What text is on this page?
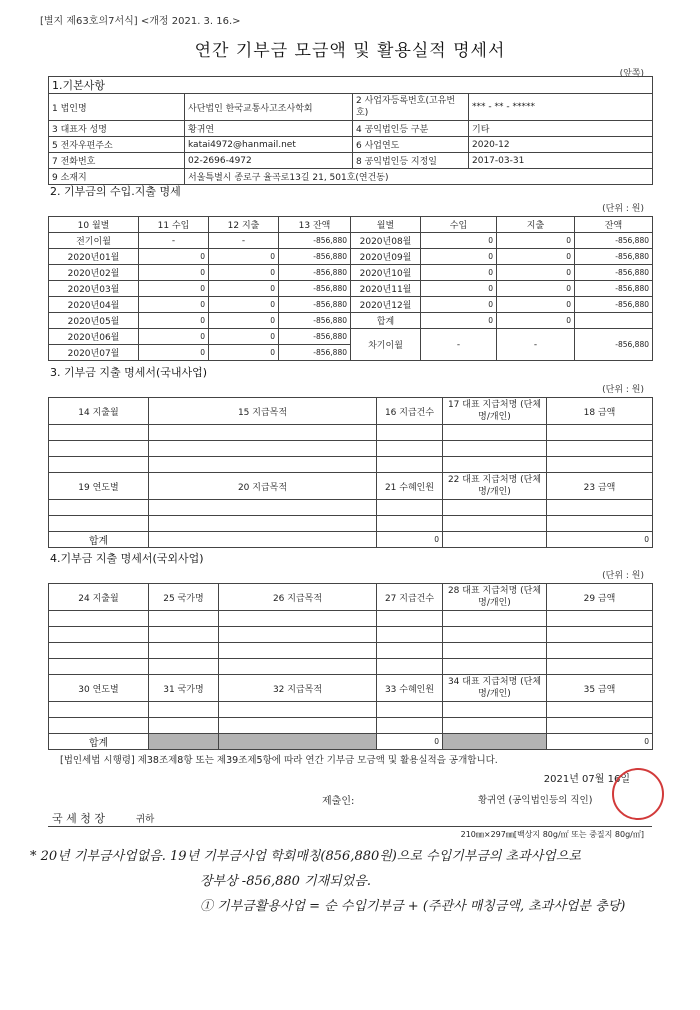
[별지 제63호의7서식] <개정 2021. 3. 16.>
연간 기부금 모금액 및 활용실적 명세서
(앞쪽)
1.기본사항			
1 법인명	사단법인 한국교통사고조사학회	2 사업자등록번호(고유번호)	*** - ** - *****
3 대표자 성명	황귀연	4 공익법인등 구분	기타
5 전자우편주소	katai4972@hanmail.net	6 사업연도	2020-12
7 전화번호	02-2696-4972	8 공익법인등 지정일	2017-03-31
9 소재지	서울특별시 종로구 율곡로13길 21, 501호(연건동)		
2. 기부금의 수입.지출 명세
(단위 : 원)
10 월별	11 수입	12 지출	13 잔액	월별	수입	지출	잔액
전기이월	-	-	-856,880	2020년08월	0	0	-856,880
2020년01월	0	0	-856,880	2020년09월	0	0	-856,880
2020년02월	0	0	-856,880	2020년10월	0	0	-856,880
2020년03월	0	0	-856,880	2020년11월	0	0	-856,880
2020년04월	0	0	-856,880	2020년12월	0	0	-856,880
2020년05월	0	0	-856,880	합계	0	0	
2020년06월	0	0	-856,880	차기이월	-	-	-856,880
2020년07월	0	0	-856,880				
3. 기부금 지출 명세서(국내사업)
(단위 : 원)
14 지출월	15 지급목적	16 지급건수	17 대표 지급처명 (단체명/개인)	18 금액

19 연도별	20 지급목적	21 수혜인원	22 대표 지급처명 (단체명/개인)	23 금액

합계		0		0
4.기부금 지출 명세서(국외사업)
(단위 : 원)
24 지출월	25 국가명	26 지급목적	27 지급건수	28 대표 지급처명 (단체명/개인)	29 금액

30 연도별	31 국가명	32 지급목적	33 수혜인원	34 대표 지급처명 (단체명/개인)	35 금액

합계			0		0
[법인세법 시행령] 제38조제8항 또는 제39조제5항에 따라 연간 기부금 모금액 및 활용실적을 공개합니다.
2021년 07월 16일
제출인:	황귀연 (공익법인등의 직인)
국 세 청 장	귀하
210㎜×297㎜[백상지 80g/㎡ 또는 중질지 80g/㎡]
* 20년 기부금사업없음. 19년 기부금사업 학회매칭(856,880원)으로 수입기부금의 초과사업으로
장부상 -856,880 기재되었음.
① 기부금활용사업 = 순 수입기부금 + (주관사 매칭금액, 초과사업분 충당)
